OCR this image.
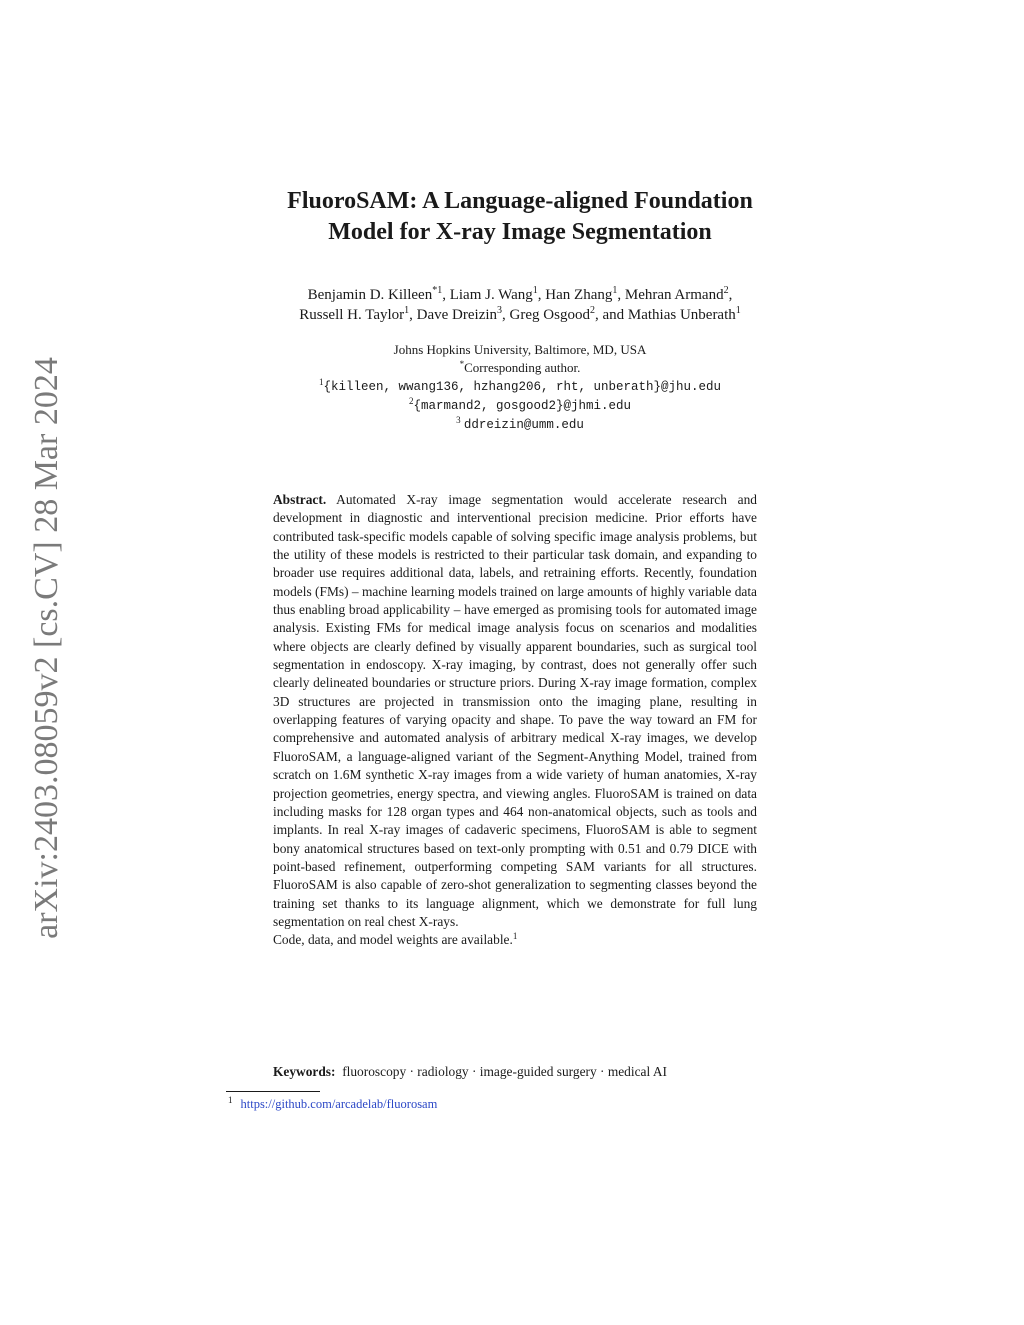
arXiv:2403.08059v2 [cs.CV] 28 Mar 2024
FluoroSAM: A Language-aligned Foundation
Model for X-ray Image Segmentation
Benjamin D. Killeen$^{*1}$, Liam J. Wang$^1$, Han Zhang$^1$, Mehran Armand$^2$,
Russell H. Taylor$^1$, Dave Dreizin$^3$, Greg Osgood$^2$, and Mathias Unberath$^1$
Johns Hopkins University, Baltimore, MD, USA
*Corresponding author.
$^1${killeen, wwang136, hzhang206, rht, unberath}@jhu.edu
$^2${marmand2, gosgood2}@jhmi.edu
$^3$ ddreizin@umm.edu

Abstract. Automated X-ray image segmentation would accelerate research and development in diagnostic and interventional precision medicine. Prior efforts have contributed task-specific models capable of solving specific image analysis problems, but the utility of these models is restricted to their particular task domain, and expanding to broader use requires additional data, labels, and retraining efforts. Recently, foundation models (FMs) – machine learning models trained on large amounts of highly variable data thus enabling broad applicability – have emerged as promising tools for automated image analysis. Existing FMs for medical image analysis focus on scenarios and modalities where objects are clearly defined by visually apparent boundaries, such as surgical tool segmentation in endoscopy. X-ray imaging, by contrast, does not generally offer such clearly delineated boundaries or structure priors. During X-ray image formation, complex 3D structures are projected in transmission onto the imaging plane, resulting in overlapping features of varying opacity and shape. To pave the way toward an FM for comprehensive and automated analysis of arbitrary medical X-ray images, we develop FluoroSAM, a language-aligned variant of the Segment-Anything Model, trained from scratch on 1.6M synthetic X-ray images from a wide variety of human anatomies, X-ray projection geometries, energy spectra, and viewing angles. FluoroSAM is trained on data including masks for 128 organ types and 464 non-anatomical objects, such as tools and implants. In real X-ray images of cadaveric specimens, FluoroSAM is able to segment bony anatomical structures based on text-only prompting with 0.51 and 0.79 DICE with point-based refinement, outperforming competing SAM variants for all structures. FluoroSAM is also capable of zero-shot generalization to segmenting classes beyond the training set thanks to its language alignment, which we demonstrate for full lung segmentation on real chest X-rays.

Code, data, and model weights are available.$^1$

Keywords: fluoroscopy · radiology · image-guided surgery · medical AI
$^1$ https://github.com/arcadelab/fluorosam
